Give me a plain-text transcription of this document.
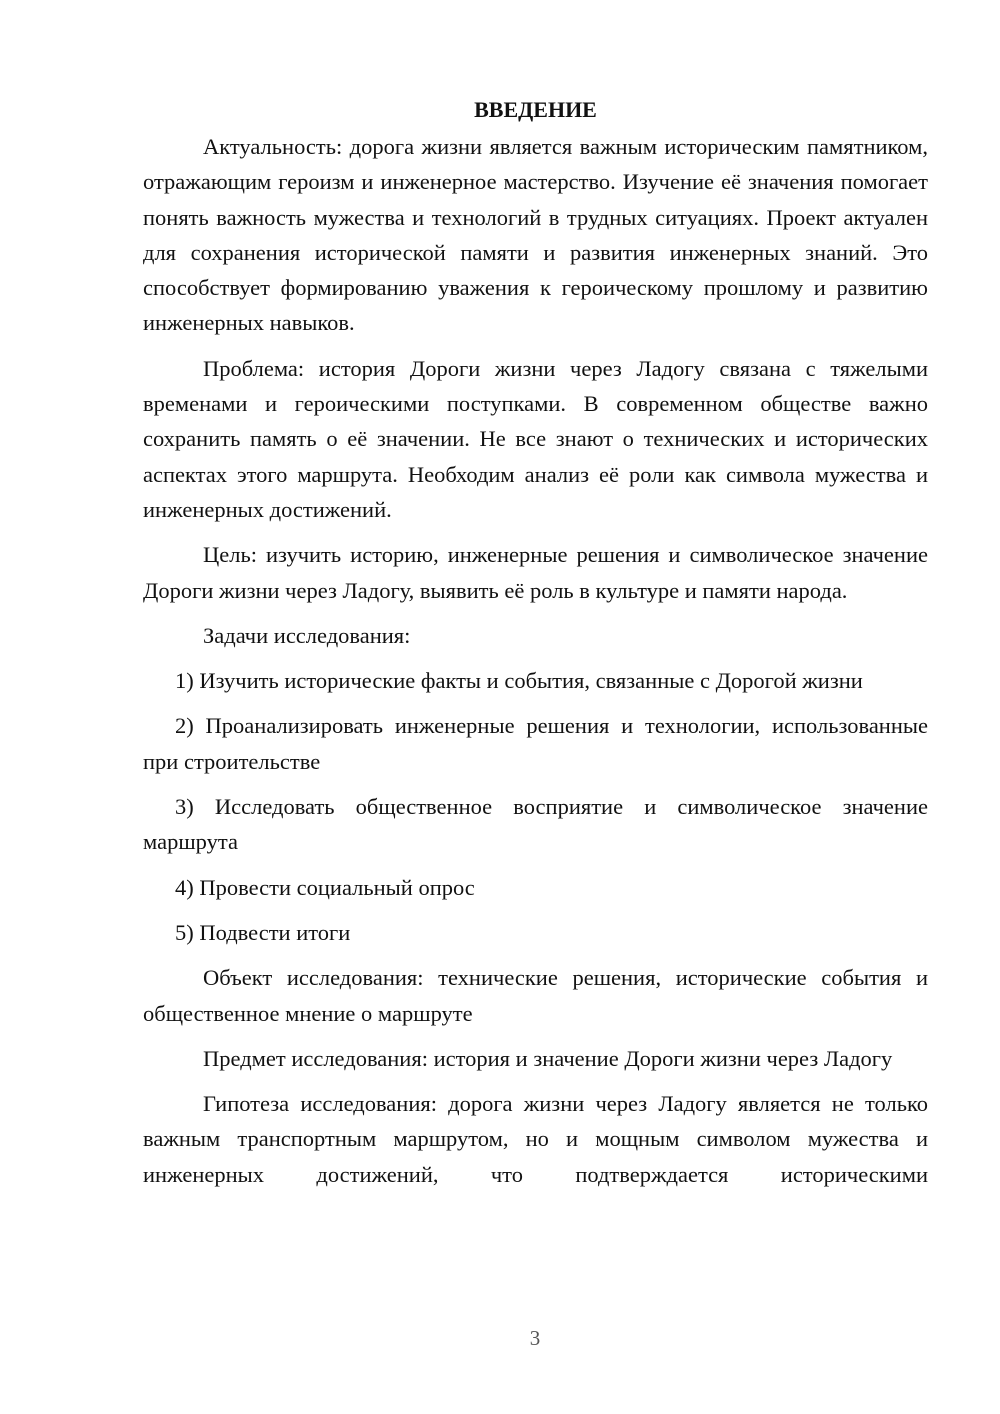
ВВЕДЕНИЕ

Актуальность: дорога жизни является важным историческим памятником, отражающим героизм и инженерное мастерство. Изучение её значения помогает понять важность мужества и технологий в трудных ситуациях. Проект актуален для сохранения исторической памяти и развития инженерных знаний. Это способствует формированию уважения к героическому прошлому и развитию инженерных навыков.

Проблема: история Дороги жизни через Ладогу связана с тяжелыми временами и героическими поступками. В современном обществе важно сохранить память о её значении. Не все знают о технических и исторических аспектах этого маршрута. Необходим анализ её роли как символа мужества и инженерных достижений.

Цель: изучить историю, инженерные решения и символическое значение Дороги жизни через Ладогу, выявить её роль в культуре и памяти народа.

Задачи исследования:

1) Изучить исторические факты и события, связанные с Дорогой жизни

2) Проанализировать инженерные решения и технологии, использованные при строительстве

3) Исследовать общественное восприятие и символическое значение маршрута

4) Провести социальный опрос

5) Подвести итоги

Объект исследования: технические решения, исторические события и общественное мнение о маршруте

Предмет исследования: история и значение Дороги жизни через Ладогу

Гипотеза исследования: дорога жизни через Ладогу является не только важным транспортным маршрутом, но и мощным символом мужества и инженерных достижений, что подтверждается историческими

3
